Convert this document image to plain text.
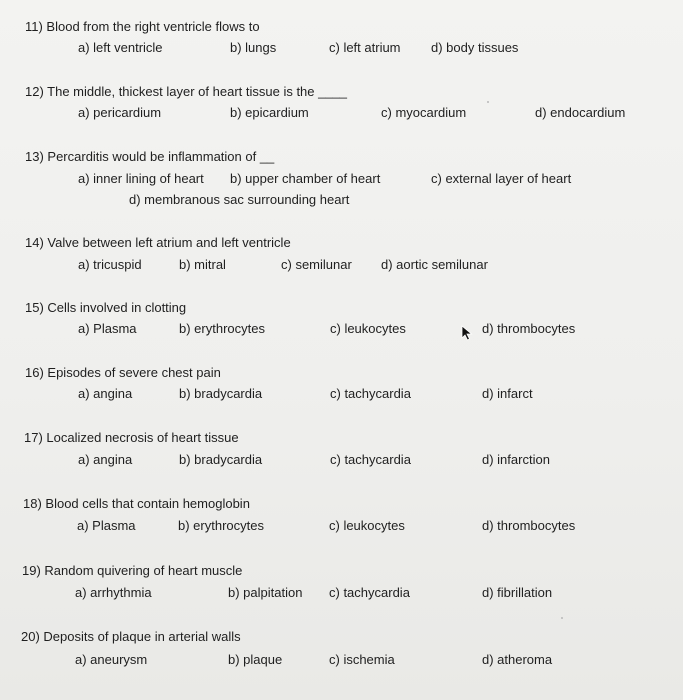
11) Blood from the right ventricle flows to
a) left ventricle	b) lungs	c) left atrium d) body tissues
12) The middle, thickest layer of heart tissue is the ____
a) pericardium	b) epicardium	c) myocardium	d) endocardium
13) Percarditis would be inflammation of __
a) inner lining of heart b) upper chamber of heart	c) external layer of heart
d) membranous sac surrounding heart
14) Valve between left atrium and left ventricle
a) tricuspid	b) mitral	c) semilunar d) aortic semilunar
15) Cells involved in clotting
a) Plasma	b) erythrocytes	c) leukocytes	d) thrombocytes
16) Episodes of severe chest pain
a) angina	b) bradycardia	c) tachycardia	d) infarct
17) Localized necrosis of heart tissue
a) angina	b) bradycardia	c) tachycardia	d) infarction
18) Blood cells that contain hemoglobin
a) Plasma	b) erythrocytes	c) leukocytes	d) thrombocytes
19) Random quivering of heart muscle
a) arrhythmia	b) palpitation c) tachycardia	d) fibrillation
20) Deposits of plaque in arterial walls
a) aneurysm	b) plaque	c) ischemia	d) atheroma
